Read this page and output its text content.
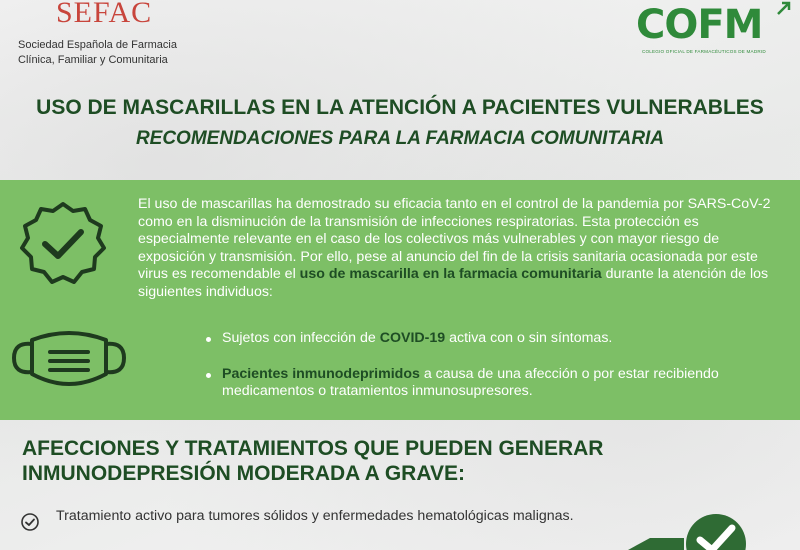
SEFAC
Sociedad Española de Farmacia
Clínica, Familiar y Comunitaria
COFM
COLEGIO OFICIAL DE FARMACÉUTICOS DE MADRID
USO DE MASCARILLAS EN LA ATENCIÓN A PACIENTES VULNERABLES
RECOMENDACIONES PARA LA FARMACIA COMUNITARIA

El uso de mascarillas ha demostrado su eficacia tanto en el control de la pandemia por SARS-CoV-2 como en la disminución de la transmisión de infecciones respiratorias. Esta protección es especialmente relevante en el caso de los colectivos más vulnerables y con mayor riesgo de exposición y transmisión. Por ello, pese al anuncio del fin de la crisis sanitaria ocasionada por este virus es recomendable el uso de mascarilla en la farmacia comunitaria durante la atención de los siguientes individuos:

Sujetos con infección de COVID-19 activa con o sin síntomas.
Pacientes inmunodeprimidos a causa de una afección o por estar recibiendo medicamentos o tratamientos inmunosupresores.
AFECCIONES Y TRATAMIENTOS QUE PUEDEN GENERAR
INMUNODEPRESIÓN MODERADA A GRAVE:
Tratamiento activo para tumores sólidos y enfermedades hematológicas malignas.
